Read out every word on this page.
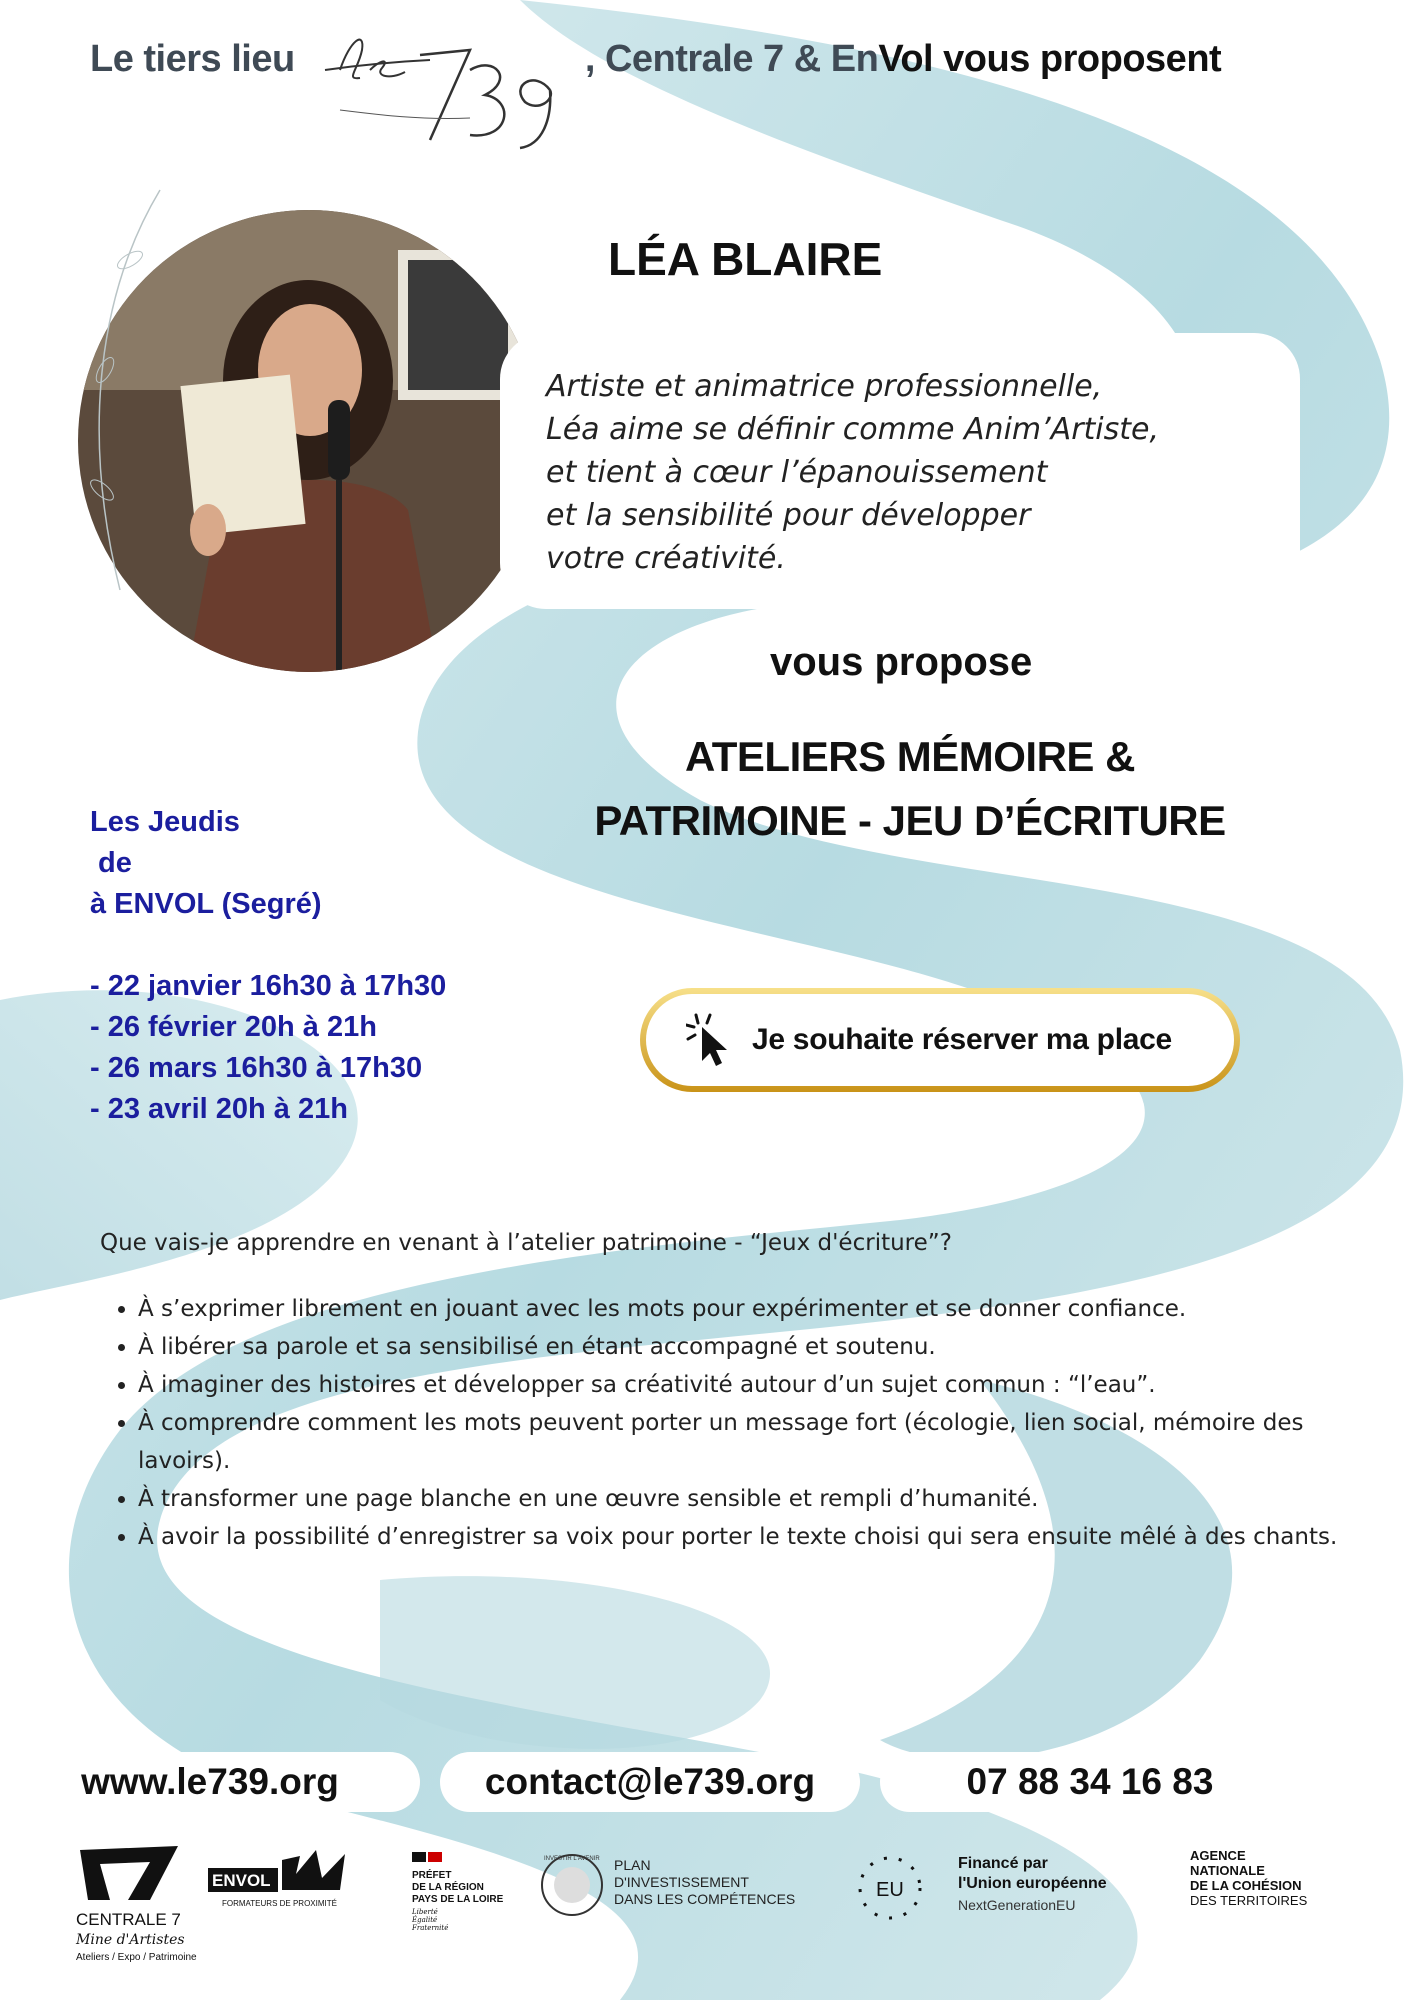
Le tiers lieu	, Centrale 7 & EnVol vous proposent
LÉA BLAIRE

Artiste et animatrice professionnelle,

Léa aime se définir comme Anim’Artiste,

et tient à cœur l’épanouissement

et la sensibilité pour développer

votre créativité.

vous propose
ATELIERS MÉMOIRE &
PATRIMOINE - JEU D’ÉCRITURE
Les Jeudis
de
à ENVOL (Segré)
- 22 janvier 16h30 à 17h30
- 26 février 20h à 21h
- 26 mars 16h30 à 17h30
- 23 avril 20h à 21h
Je souhaite réserver ma place

Que vais-je apprendre en venant à l’atelier patrimoine - “Jeux d'écriture”?

• À s’exprimer librement en jouant avec les mots pour expérimenter et se donner confiance.
• À libérer sa parole et sa sensibilisé en étant accompagné et soutenu.
• À imaginer des histoires et développer sa créativité autour d’un sujet commun : “l’eau”.
• À comprendre comment les mots peuvent porter un message fort (écologie, lien social, mémoire des lavoirs).
• À transformer une page blanche en une œuvre sensible et rempli d’humanité.
• À avoir la possibilité d’enregistrer sa voix pour porter le texte choisi qui sera ensuite mêlé à des chants.
www.le739.org	contact@le739.org	07 88 34 16 83
CENTRALE 7
Mine d'Artistes
Ateliers / Expo / Patrimoine
ENVOL
FORMATEURS DE PROXIMITÉ
PRÉFET
DE LA RÉGION
PAYS DE LA LOIRE
Liberté
Égalité
Fraternité
INVESTIR L'AVENIR PLAN
D'INVESTISSEMENT
DANS LES COMPÉTENCES	EU
Financé par
l'Union européenne
NextGenerationEU
AGENCE
NATIONALE
DE LA COHÉSION
DES TERRITOIRES
